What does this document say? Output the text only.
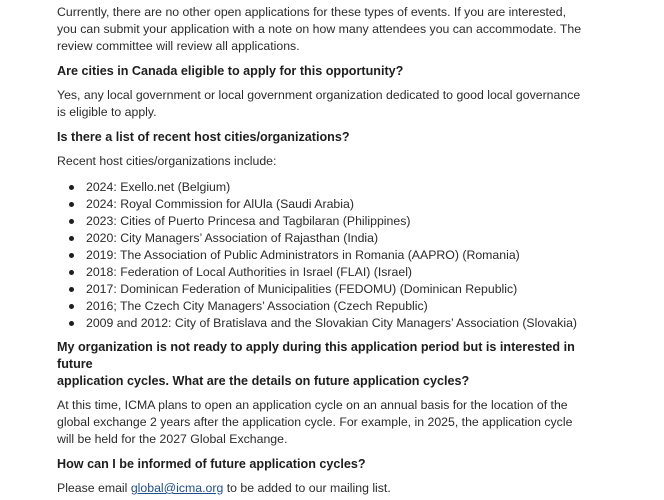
Currently, there are no other open applications for these types of events. If you are interested,
you can submit your application with a note on how many attendees you can accommodate. The
review committee will review all applications.

Are cities in Canada eligible to apply for this opportunity?

Yes, any local government or local government organization dedicated to good local governance
is eligible to apply.

Is there a list of recent host cities/organizations?

Recent host cities/organizations include:

2024: Exello.net (Belgium)
2024: Royal Commission for AlUla (Saudi Arabia)
2023: Cities of Puerto Princesa and Tagbilaran (Philippines)
2020: City Managers’ Association of Rajasthan (India)
2019: The Association of Public Administrators in Romania (AAPRO) (Romania)
2018: Federation of Local Authorities in Israel (FLAI) (Israel)
2017: Dominican Federation of Municipalities (FEDOMU) (Dominican Republic)
2016; The Czech City Managers’ Association (Czech Republic)
2009 and 2012: City of Bratislava and the Slovakian City Managers’ Association (Slovakia)
My organization is not ready to apply during this application period but is interested in future
application cycles. What are the details on future application cycles?

At this time, ICMA plans to open an application cycle on an annual basis for the location of the
global exchange 2 years after the application cycle. For example, in 2025, the application cycle
will be held for the 2027 Global Exchange.

How can I be informed of future application cycles?

Please email global@icma.org to be added to our mailing list.
